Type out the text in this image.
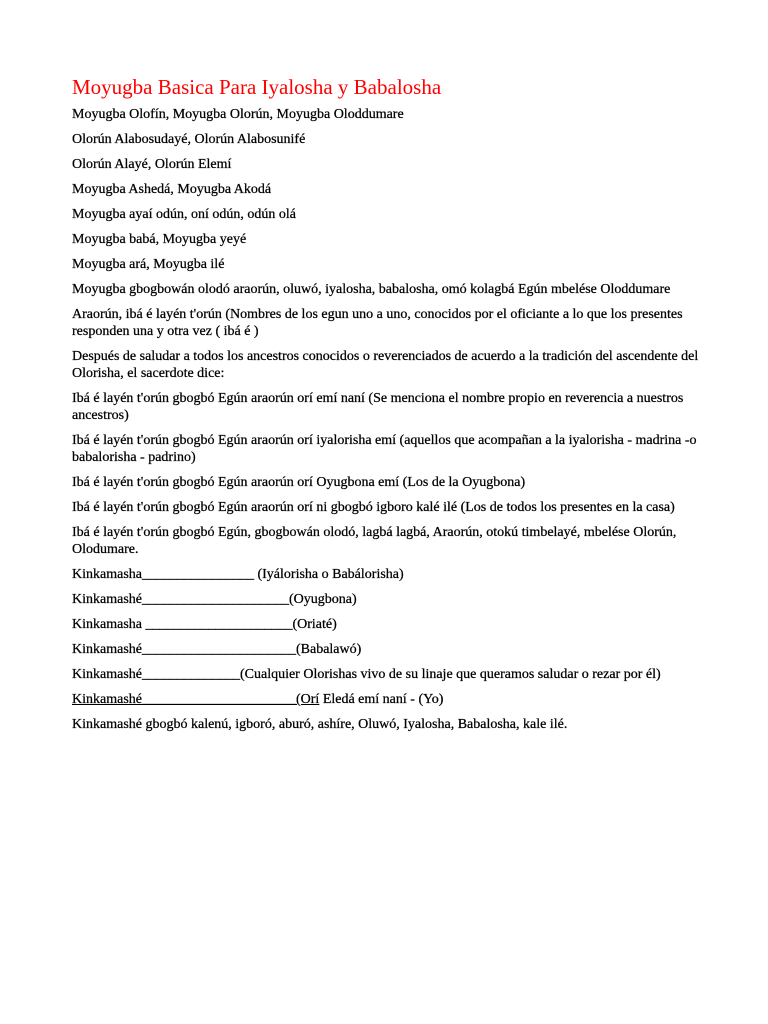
Moyugba Basica Para Iyalosha y Babalosha
Moyugba Olofín, Moyugba Olorún, Moyugba Oloddumare
Olorún Alabosudayé, Olorún Alabosunifé
Olorún Alayé, Olorún Elemí
Moyugba Ashedá, Moyugba Akodá
Moyugba ayaí odún, oní odún, odún olá
Moyugba babá, Moyugba yeyé
Moyugba ará, Moyugba ilé
Moyugba gbogbowán olodó araorún, oluwó, iyalosha, babalosha, omó kolagbá Egún mbelése Oloddumare
Araorún, ibá é layén t'orún (Nombres de los egun uno a uno, conocidos por el oficiante a lo que los presentes responden una y otra vez ( ibá é )
Después de saludar a todos los ancestros conocidos o reverenciados de acuerdo a la tradición del ascendente del Olorisha, el sacerdote dice:
Ibá é layén t'orún gbogbó Egún araorún orí emí naní (Se menciona el nombre propio en reverencia a nuestros ancestros)
Ibá é layén t'orún gbogbó Egún araorún orí iyalorisha emí (aquellos que acompañan a la iyalorisha - madrina -o babalorisha - padrino)
Ibá é layén t'orún gbogbó Egún araorún orí Oyugbona emí (Los de la Oyugbona)
Ibá é layén t'orún gbogbó Egún araorún orí ni gbogbó igboro kalé ilé (Los de todos los presentes en la casa)
Ibá é layén t'orún gbogbó Egún, gbogbowán olodó, lagbá lagbá, Araorún, otokú timbelayé, mbelése Olorún, Olodumare.
Kinkamasha________________ (Iyálorisha o Babálorisha)
Kinkamashé_____________________(Oyugbona)
Kinkamasha _____________________(Oriaté)
Kinkamashé______________________(Babalawó)
Kinkamashé______________(Cualquier Olorishas vivo de su linaje que queramos saludar o rezar por él)
Kinkamashé______________________(Orí Eledá emí naní - (Yo)
Kinkamashé gbogbó kalenú, igboró, aburó, ashíre, Oluwó, Iyalosha, Babalosha, kale ilé.
